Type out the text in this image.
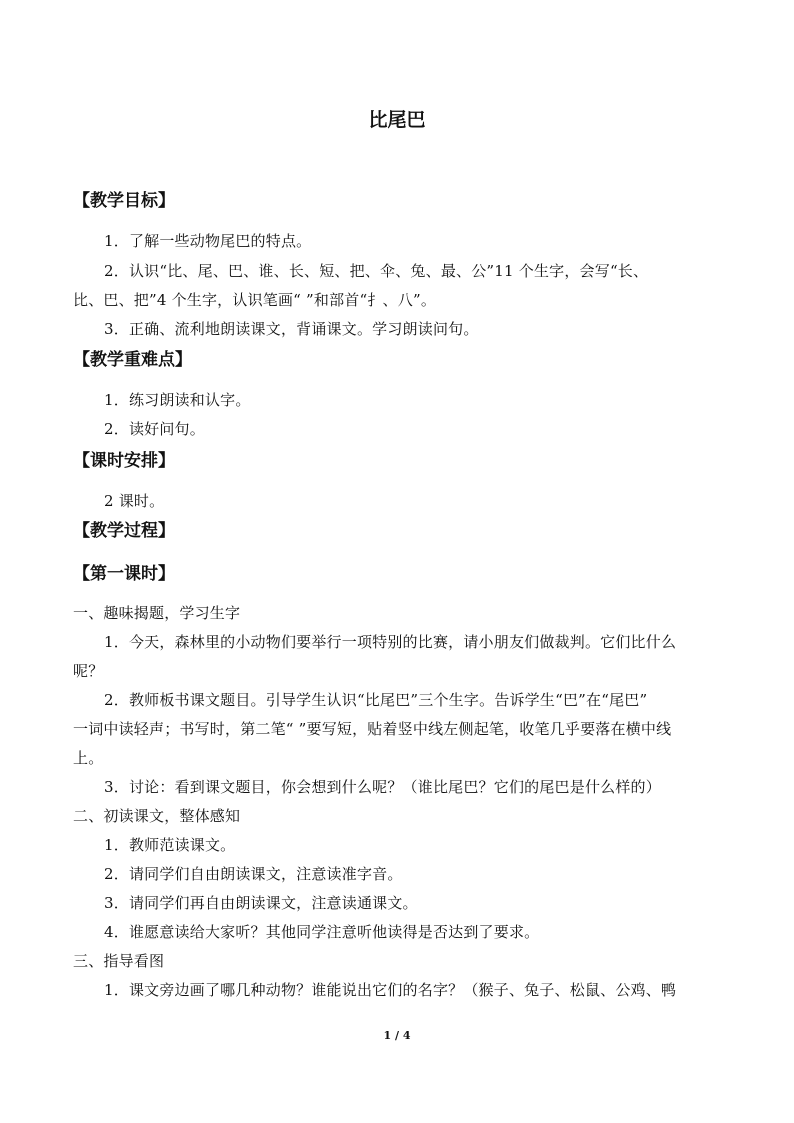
比尾巴
【教学目标】
1．了解一些动物尾巴的特点。
2．认识“比、尾、巴、谁、长、短、把、伞、兔、最、公”11 个生字，会写“长、
比、巴、把”4 个生字，认识笔画“ ”和部首“扌、八”。
3．正确、流利地朗读课文，背诵课文。学习朗读问句。
【教学重难点】
1．练习朗读和认字。
2．读好问句。
【课时安排】
2 课时。
【教学过程】
【第一课时】
一、趣味揭题，学习生字
1．今天，森林里的小动物们要举行一项特别的比赛，请小朋友们做裁判。它们比什么
呢？
2．教师板书课文题目。引导学生认识“比尾巴”三个生字。告诉学生“巴”在“尾巴”
一词中读轻声；书写时，第二笔“ ”要写短，贴着竖中线左侧起笔，收笔几乎要落在横中线
上。
3．讨论：看到课文题目，你会想到什么呢？（谁比尾巴？它们的尾巴是什么样的）
二、初读课文，整体感知
1．教师范读课文。
2．请同学们自由朗读课文，注意读准字音。
3．请同学们再自由朗读课文，注意读通课文。
4．谁愿意读给大家听？其他同学注意听他读得是否达到了要求。
三、指导看图
1．课文旁边画了哪几种动物？谁能说出它们的名字？（猴子、兔子、松鼠、公鸡、鸭
1 / 4
